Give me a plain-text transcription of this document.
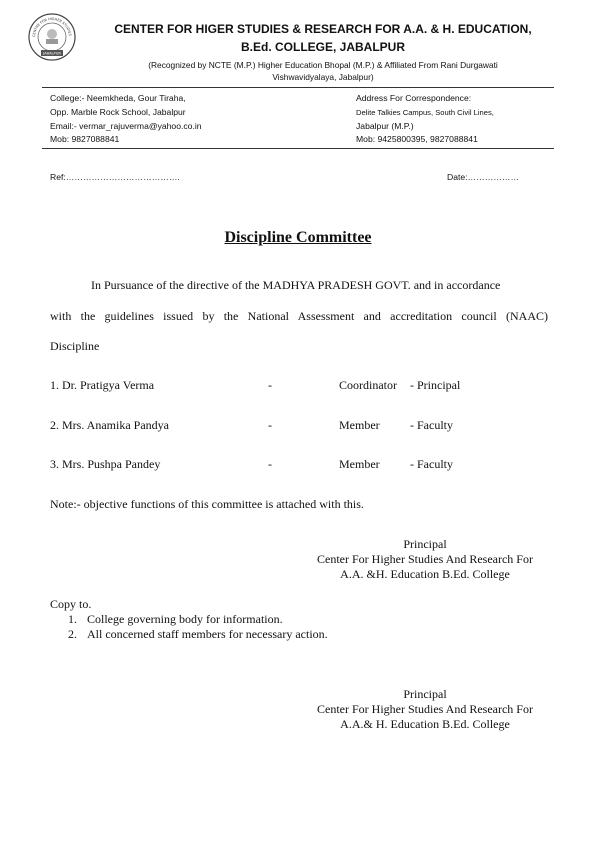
CENTRE FOR HIGHER STUDIES
JABALPUR
CENTER FOR HIGER STUDIES & RESEARCH FOR A.A. & H. EDUCATION,
B.Ed. COLLEGE, JABALPUR
(Recognized by NCTE (M.P.) Higher Education Bhopal (M.P.) & Affiliated From Rani Durgawati
Vishwavidyalaya, Jabalpur)
College:- Neemkheda, Gour Tiraha,
Opp. Marble Rock School, Jabalpur
Email:- vermar_rajuverma@yahoo.co.in
Mob: 9827088841
Address For Correspondence:
Delite Talkies Campus, South Civil Lines,
Jabalpur (M.P.)
Mob: 9425800395, 9827088841
Ref:………………………………….	Date:………………
Discipline Committee
In Pursuance of the directive of the MADHYA PRADESH GOVT. and in accordance
with the guidelines issued by the National Assessment and accreditation council (NAAC)
Discipline
1. Dr. Pratigya Verma	-	Coordinator - Principal
2. Mrs. Anamika Pandya	-	Member	- Faculty
3. Mrs. Pushpa Pandey	-	Member	- Faculty
Note:- objective functions of this committee is attached with this.
Principal
Center For Higher Studies And Research For
A.A. &H. Education B.Ed. College
Copy to.
1. College governing body for information.
2. All concerned staff members for necessary action.
Principal
Center For Higher Studies And Research For
A.A.& H. Education B.Ed. College
